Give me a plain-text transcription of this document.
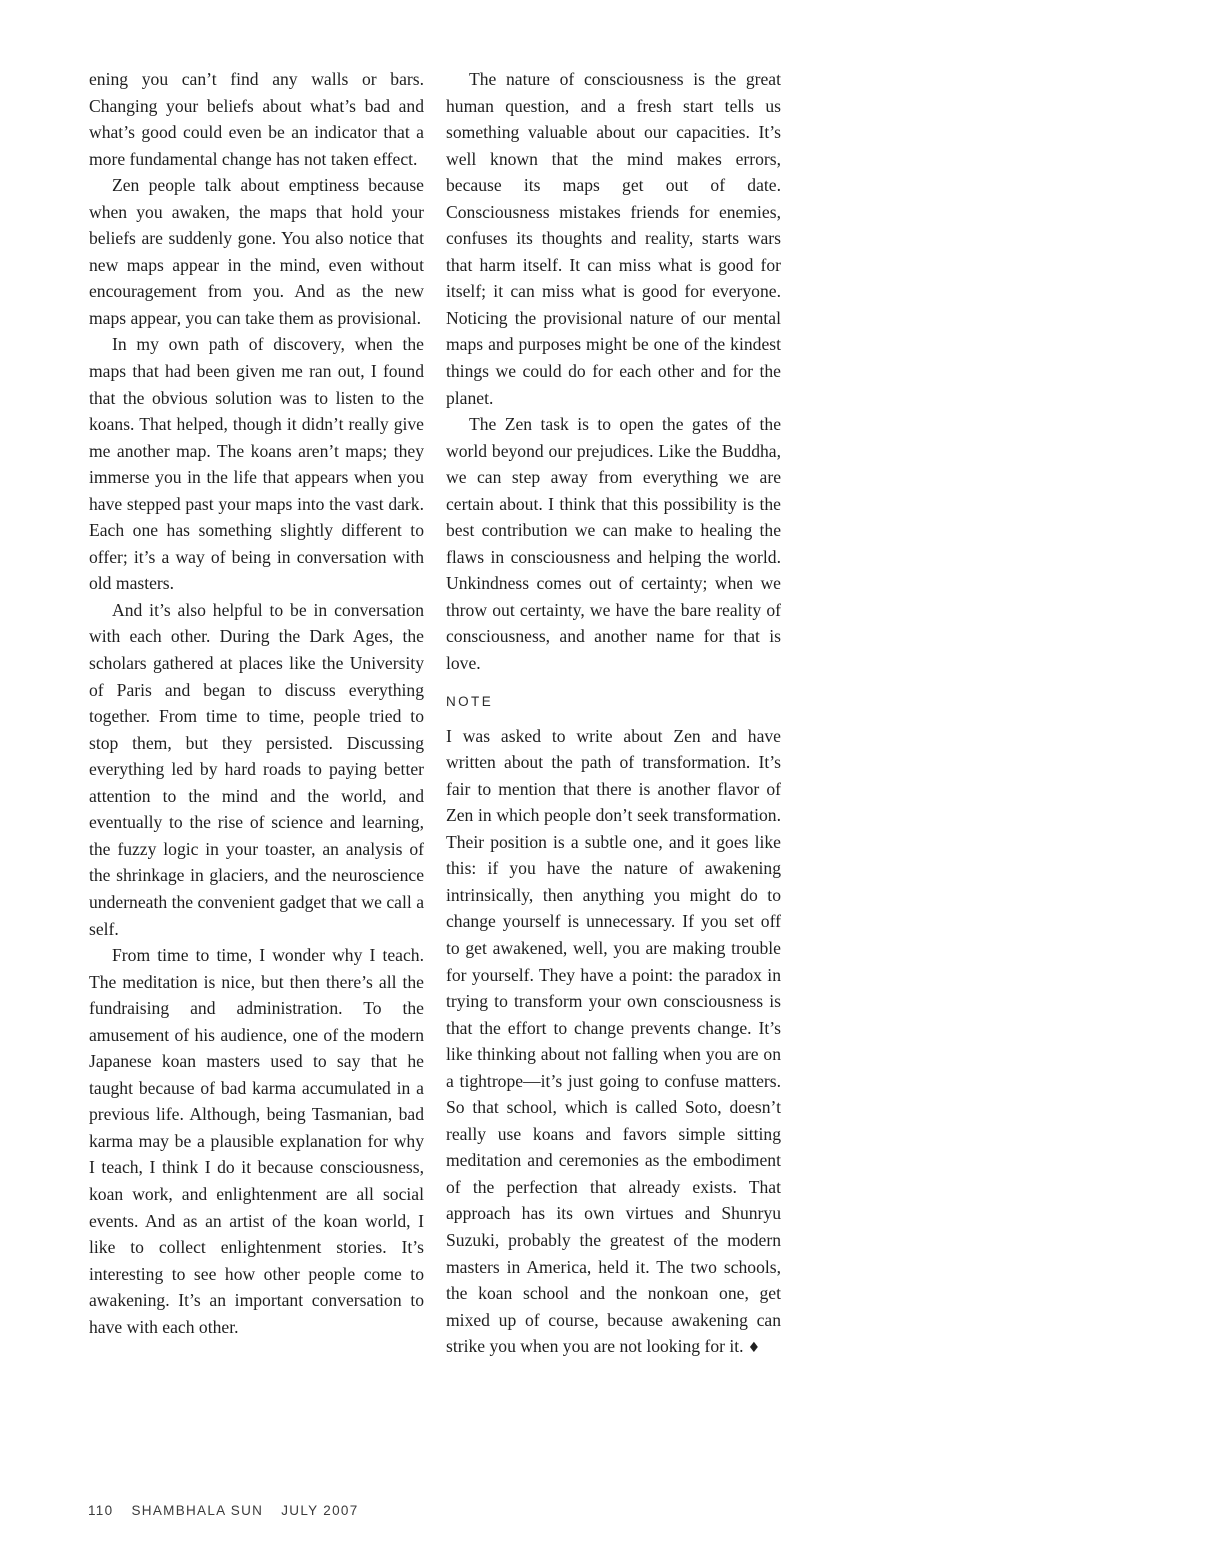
ening you can’t find any walls or bars. Changing your beliefs about what’s bad and what’s good could even be an indicator that a more fundamental change has not taken effect.

Zen people talk about emptiness because when you awaken, the maps that hold your beliefs are suddenly gone. You also notice that new maps appear in the mind, even without encouragement from you. And as the new maps appear, you can take them as provisional.

In my own path of discovery, when the maps that had been given me ran out, I found that the obvious solution was to listen to the koans. That helped, though it didn’t really give me another map. The koans aren’t maps; they immerse you in the life that appears when you have stepped past your maps into the vast dark. Each one has something slightly different to offer; it’s a way of being in conversation with old masters.

And it’s also helpful to be in conversation with each other. During the Dark Ages, the scholars gathered at places like the University of Paris and began to discuss everything together. From time to time, people tried to stop them, but they persisted. Discussing everything led by hard roads to paying better attention to the mind and the world, and eventually to the rise of science and learning, the fuzzy logic in your toaster, an analysis of the shrinkage in glaciers, and the neuroscience underneath the convenient gadget that we call a self.

From time to time, I wonder why I teach. The meditation is nice, but then there’s all the fundraising and administration. To the amusement of his audience, one of the modern Japanese koan masters used to say that he taught because of bad karma accumulated in a previous life. Although, being Tasmanian, bad karma may be a plausible explanation for why I teach, I think I do it because consciousness, koan work, and enlightenment are all social events. And as an artist of the koan world, I like to collect enlightenment stories. It’s interesting to see how other people come to awakening. It’s an important conversation to have with each other.

The nature of consciousness is the great human question, and a fresh start tells us something valuable about our capacities. It’s well known that the mind makes errors, because its maps get out of date. Consciousness mistakes friends for enemies, confuses its thoughts and reality, starts wars that harm itself. It can miss what is good for itself; it can miss what is good for everyone. Noticing the provisional nature of our mental maps and purposes might be one of the kindest things we could do for each other and for the planet.

The Zen task is to open the gates of the world beyond our prejudices. Like the Buddha, we can step away from everything we are certain about. I think that this possibility is the best contribution we can make to healing the flaws in consciousness and helping the world. Unkindness comes out of certainty; when we throw out certainty, we have the bare reality of consciousness, and another name for that is love.

NOTE

I was asked to write about Zen and have written about the path of transformation. It’s fair to mention that there is another flavor of Zen in which people don’t seek transformation. Their position is a subtle one, and it goes like this: if you have the nature of awakening intrinsically, then anything you might do to change yourself is unnecessary. If you set off to get awakened, well, you are making trouble for yourself. They have a point: the paradox in trying to transform your own consciousness is that the effort to change prevents change. It’s like thinking about not falling when you are on a tightrope—it’s just going to confuse matters. So that school, which is called Soto, doesn’t really use koans and favors simple sitting meditation and ceremonies as the embodiment of the perfection that already exists. That approach has its own virtues and Shunryu Suzuki, probably the greatest of the modern masters in America, held it. The two schools, the koan school and the nonkoan one, get mixed up of course, because awakening can strike you when you are not looking for it. ♦

110 SHAMBHALA SUN JULY 2007
